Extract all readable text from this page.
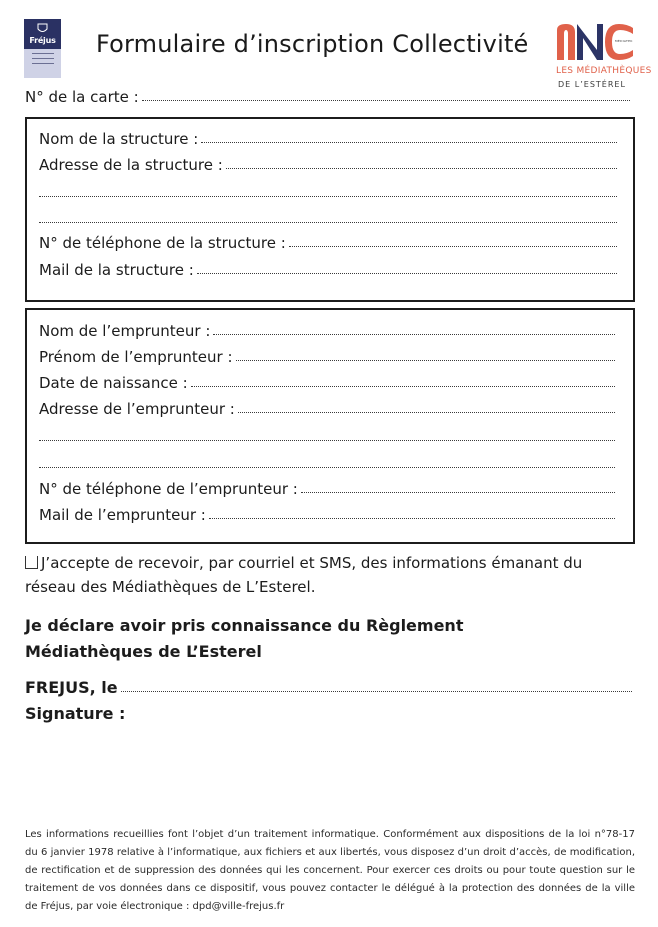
Fréjus Formulaire d’inscription Collectivité	MÉDIATEK
LES MÉDIATHÈQUES
DE L’ESTÉREL
N° de la carte :
Nom de la structure :
Adresse de la structure :
N° de téléphone de la structure :
Mail de la structure :
Nom de l’emprunteur :
Prénom de l’emprunteur :
Date de naissance :
Adresse de l’emprunteur :
N° de téléphone de l’emprunteur :
Mail de l’emprunteur :
J’accepte de recevoir, par courriel et SMS, des informations émanant du réseau des Médiathèques de L’Esterel.
Je déclare avoir pris connaissance du Règlement
Médiathèques de L’Esterel
FREJUS, le
Signature :
Les informations recueillies font l’objet d’un traitement informatique. Conformément aux dispositions de la loi n°78-17 du 6 janvier 1978 relative à l’informatique, aux fichiers et aux libertés, vous disposez d’un droit d’accès, de modification, de rectification et de suppression des données qui les concernent. Pour exercer ces droits ou pour toute question sur le traitement de vos données dans ce dispositif, vous pouvez contacter le délégué à la protection des données de la ville de Fréjus, par voie électronique : dpd@ville-frejus.fr
